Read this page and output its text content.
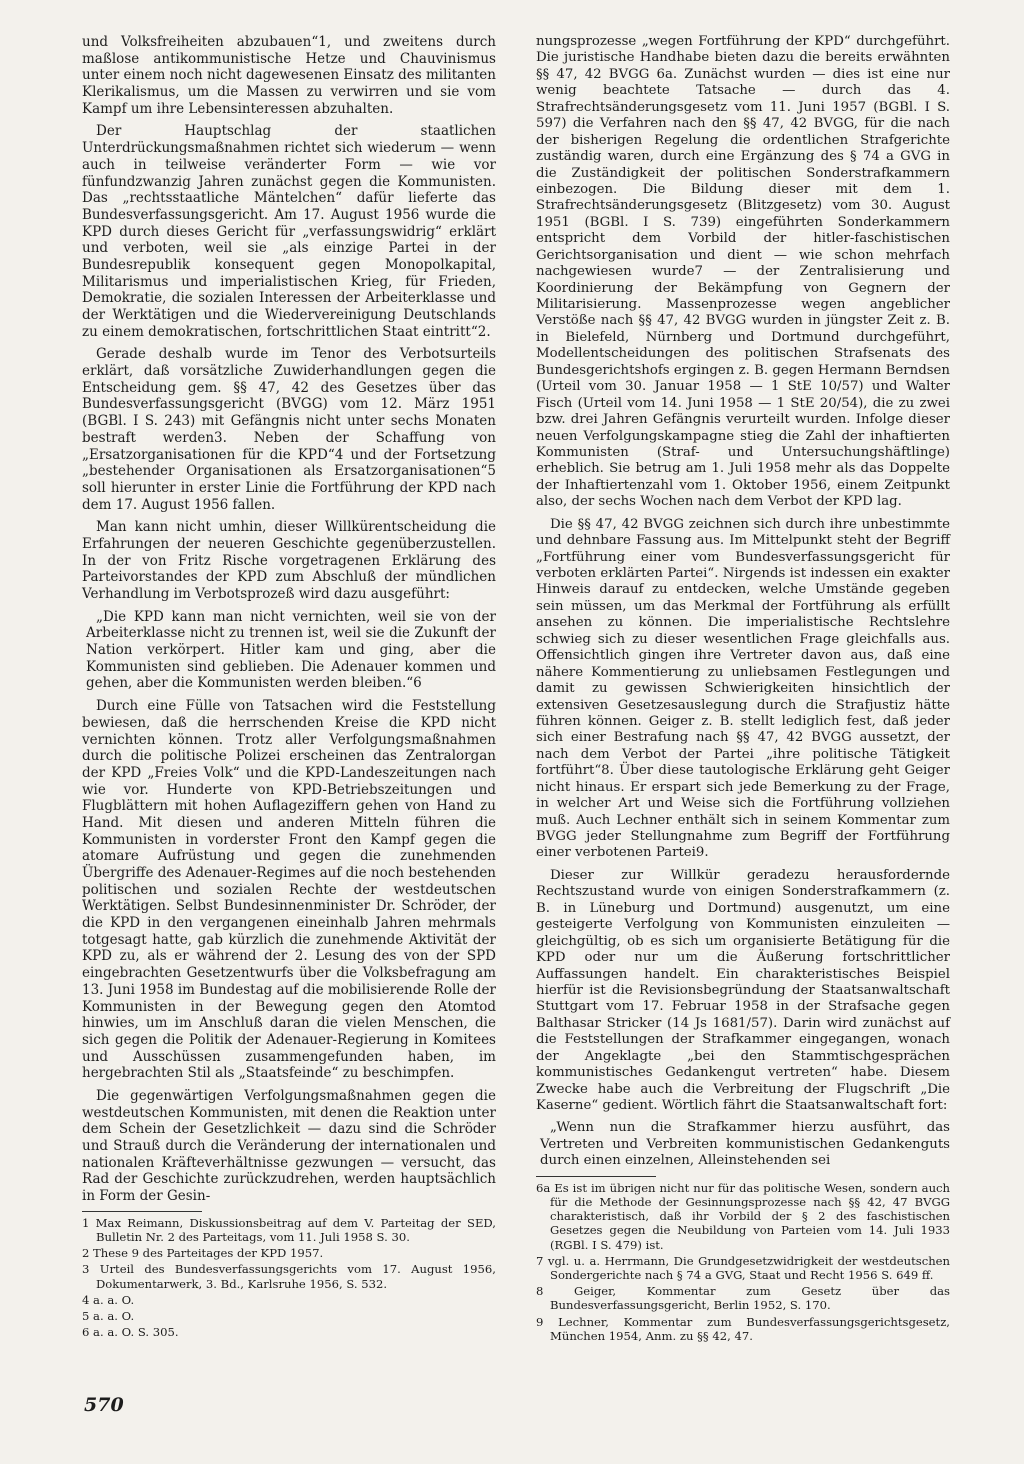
und Volksfreiheiten abzubauen“1, und zweitens durch maßlose antikommunistische Hetze und Chauvinismus unter einem noch nicht dagewesenen Einsatz des militanten Klerikalismus, um die Massen zu verwirren und sie vom Kampf um ihre Lebensinteressen abzuhalten.

Der Hauptschlag der staatlichen Unterdrückungsmaßnahmen richtet sich wiederum — wenn auch in teilweise veränderter Form — wie vor fünfundzwanzig Jahren zunächst gegen die Kommunisten. Das „rechtsstaatliche Mäntelchen“ dafür lieferte das Bundesverfassungsgericht. Am 17. August 1956 wurde die KPD durch dieses Gericht für „verfassungswidrig“ erklärt und verboten, weil sie „als einzige Partei in der Bundesrepublik konsequent gegen Monopolkapital, Militarismus und imperialistischen Krieg, für Frieden, Demokratie, die sozialen Interessen der Arbeiterklasse und der Werktätigen und die Wiedervereinigung Deutschlands zu einem demokratischen, fortschrittlichen Staat eintritt“2.

Gerade deshalb wurde im Tenor des Verbotsurteils erklärt, daß vorsätzliche Zuwiderhandlungen gegen die Entscheidung gem. §§ 47, 42 des Gesetzes über das Bundesverfassungsgericht (BVGG) vom 12. März 1951 (BGBl. I S. 243) mit Gefängnis nicht unter sechs Monaten bestraft werden3. Neben der Schaffung von „Ersatzorganisationen für die KPD“4 und der Fortsetzung „bestehender Organisationen als Ersatzorganisationen“5 soll hierunter in erster Linie die Fortführung der KPD nach dem 17. August 1956 fallen.

Man kann nicht umhin, dieser Willkürentscheidung die Erfahrungen der neueren Geschichte gegenüberzustellen. In der von Fritz Rische vorgetragenen Erklärung des Parteivorstandes der KPD zum Abschluß der mündlichen Verhandlung im Verbotsprozeß wird dazu ausgeführt:

„Die KPD kann man nicht vernichten, weil sie von der Arbeiterklasse nicht zu trennen ist, weil sie die Zukunft der Nation verkörpert. Hitler kam und ging, aber die Kommunisten sind geblieben. Die Adenauer kommen und gehen, aber die Kommunisten werden bleiben.“6

Durch eine Fülle von Tatsachen wird die Feststellung bewiesen, daß die herrschenden Kreise die KPD nicht vernichten können. Trotz aller Verfolgungsmaßnahmen durch die politische Polizei erscheinen das Zentralorgan der KPD „Freies Volk“ und die KPD-Landeszeitungen nach wie vor. Hunderte von KPD-Betriebszeitungen und Flugblättern mit hohen Auflageziffern gehen von Hand zu Hand. Mit diesen und anderen Mitteln führen die Kommunisten in vorderster Front den Kampf gegen die atomare Aufrüstung und gegen die zunehmenden Übergriffe des Adenauer-Regimes auf die noch bestehenden politischen und sozialen Rechte der westdeutschen Werktätigen. Selbst Bundesinnenminister Dr. Schröder, der die KPD in den vergangenen eineinhalb Jahren mehrmals totgesagt hatte, gab kürzlich die zunehmende Aktivität der KPD zu, als er während der 2. Lesung des von der SPD eingebrachten Gesetzentwurfs über die Volksbefragung am 13. Juni 1958 im Bundestag auf die mobilisierende Rolle der Kommunisten in der Bewegung gegen den Atomtod hinwies, um im Anschluß daran die vielen Menschen, die sich gegen die Politik der Adenauer-Regierung in Komitees und Ausschüssen zusammengefunden haben, im hergebrachten Stil als „Staatsfeinde“ zu beschimpfen.

Die gegenwärtigen Verfolgungsmaßnahmen gegen die westdeutschen Kommunisten, mit denen die Reaktion unter dem Schein der Gesetzlichkeit — dazu sind die Schröder und Strauß durch die Veränderung der internationalen und nationalen Kräfteverhältnisse gezwungen — versucht, das Rad der Geschichte zurückzudrehen, werden hauptsächlich in Form der Gesin-

1 Max Reimann, Diskussionsbeitrag auf dem V. Parteitag der SED, Bulletin Nr. 2 des Parteitags, vom 11. Juli 1958 S. 30.

2 These 9 des Parteitages der KPD 1957.

3 Urteil des Bundesverfassungsgerichts vom 17. August 1956, Dokumentarwerk, 3. Bd., Karlsruhe 1956, S. 532.

4 a. a. O.

5 a. a. O.

6 a. a. O. S. 305.

nungsprozesse „wegen Fortführung der KPD“ durchgeführt. Die juristische Handhabe bieten dazu die bereits erwähnten §§ 47, 42 BVGG 6a. Zunächst wurden — dies ist eine nur wenig beachtete Tatsache — durch das 4. Strafrechtsänderungsgesetz vom 11. Juni 1957 (BGBl. I S. 597) die Verfahren nach den §§ 47, 42 BVGG, für die nach der bisherigen Regelung die ordentlichen Strafgerichte zuständig waren, durch eine Ergänzung des § 74 a GVG in die Zuständigkeit der politischen Sonderstrafkammern einbezogen. Die Bildung dieser mit dem 1. Strafrechtsänderungsgesetz (Blitzgesetz) vom 30. August 1951 (BGBl. I S. 739) eingeführten Sonderkammern entspricht dem Vorbild der hitler-faschistischen Gerichtsorganisation und dient — wie schon mehrfach nachgewiesen wurde7 — der Zentralisierung und Koordinierung der Bekämpfung von Gegnern der Militarisierung. Massenprozesse wegen angeblicher Verstöße nach §§ 47, 42 BVGG wurden in jüngster Zeit z. B. in Bielefeld, Nürnberg und Dortmund durchgeführt, Modellentscheidungen des politischen Strafsenats des Bundesgerichtshofs ergingen z. B. gegen Hermann Berndsen (Urteil vom 30. Januar 1958 — 1 StE 10/57) und Walter Fisch (Urteil vom 14. Juni 1958 — 1 StE 20/54), die zu zwei bzw. drei Jahren Gefängnis verurteilt wurden. Infolge dieser neuen Verfolgungskampagne stieg die Zahl der inhaftierten Kommunisten (Straf- und Untersuchungshäftlinge) erheblich. Sie betrug am 1. Juli 1958 mehr als das Doppelte der Inhaftiertenzahl vom 1. Oktober 1956, einem Zeitpunkt also, der sechs Wochen nach dem Verbot der KPD lag.

Die §§ 47, 42 BVGG zeichnen sich durch ihre unbestimmte und dehnbare Fassung aus. Im Mittelpunkt steht der Begriff „Fortführung einer vom Bundesverfassungsgericht für verboten erklärten Partei“. Nirgends ist indessen ein exakter Hinweis darauf zu entdecken, welche Umstände gegeben sein müssen, um das Merkmal der Fortführung als erfüllt ansehen zu können. Die imperialistische Rechtslehre schwieg sich zu dieser wesentlichen Frage gleichfalls aus. Offensichtlich gingen ihre Vertreter davon aus, daß eine nähere Kommentierung zu unliebsamen Festlegungen und damit zu gewissen Schwierigkeiten hinsichtlich der extensiven Gesetzesauslegung durch die Strafjustiz hätte führen können. Geiger z. B. stellt lediglich fest, daß jeder sich einer Bestrafung nach §§ 47, 42 BVGG aussetzt, der nach dem Verbot der Partei „ihre politische Tätigkeit fortführt“8. Über diese tautologische Erklärung geht Geiger nicht hinaus. Er erspart sich jede Bemerkung zu der Frage, in welcher Art und Weise sich die Fortführung vollziehen muß. Auch Lechner enthält sich in seinem Kommentar zum BVGG jeder Stellungnahme zum Begriff der Fortführung einer verbotenen Partei9.

Dieser zur Willkür geradezu herausfordernde Rechtszustand wurde von einigen Sonderstrafkammern (z. B. in Lüneburg und Dortmund) ausgenutzt, um eine gesteigerte Verfolgung von Kommunisten einzuleiten — gleichgültig, ob es sich um organisierte Betätigung für die KPD oder nur um die Äußerung fortschrittlicher Auffassungen handelt. Ein charakteristisches Beispiel hierfür ist die Revisionsbegründung der Staatsanwaltschaft Stuttgart vom 17. Februar 1958 in der Strafsache gegen Balthasar Stricker (14 Js 1681/57). Darin wird zunächst auf die Feststellungen der Strafkammer eingegangen, wonach der Angeklagte „bei den Stammtischgesprächen kommunistisches Gedankengut vertreten“ habe. Diesem Zwecke habe auch die Verbreitung der Flugschrift „Die Kaserne“ gedient. Wörtlich fährt die Staatsanwaltschaft fort:

„Wenn nun die Strafkammer hierzu ausführt, das Vertreten und Verbreiten kommunistischen Gedankenguts durch einen einzelnen, Alleinstehenden sei

6a Es ist im übrigen nicht nur für das politische Wesen, sondern auch für die Methode der Gesinnungsprozesse nach §§ 42, 47 BVGG charakteristisch, daß ihr Vorbild der § 2 des faschistischen Gesetzes gegen die Neubildung von Parteien vom 14. Juli 1933 (RGBl. I S. 479) ist.

7 vgl. u. a. Herrmann, Die Grundgesetzwidrigkeit der westdeutschen Sondergerichte nach § 74 a GVG, Staat und Recht 1956 S. 649 ff.

8 Geiger, Kommentar zum Gesetz über das Bundesverfassungsgericht, Berlin 1952, S. 170.

9 Lechner, Kommentar zum Bundesverfassungsgerichtsgesetz, München 1954, Anm. zu §§ 42, 47.

570
